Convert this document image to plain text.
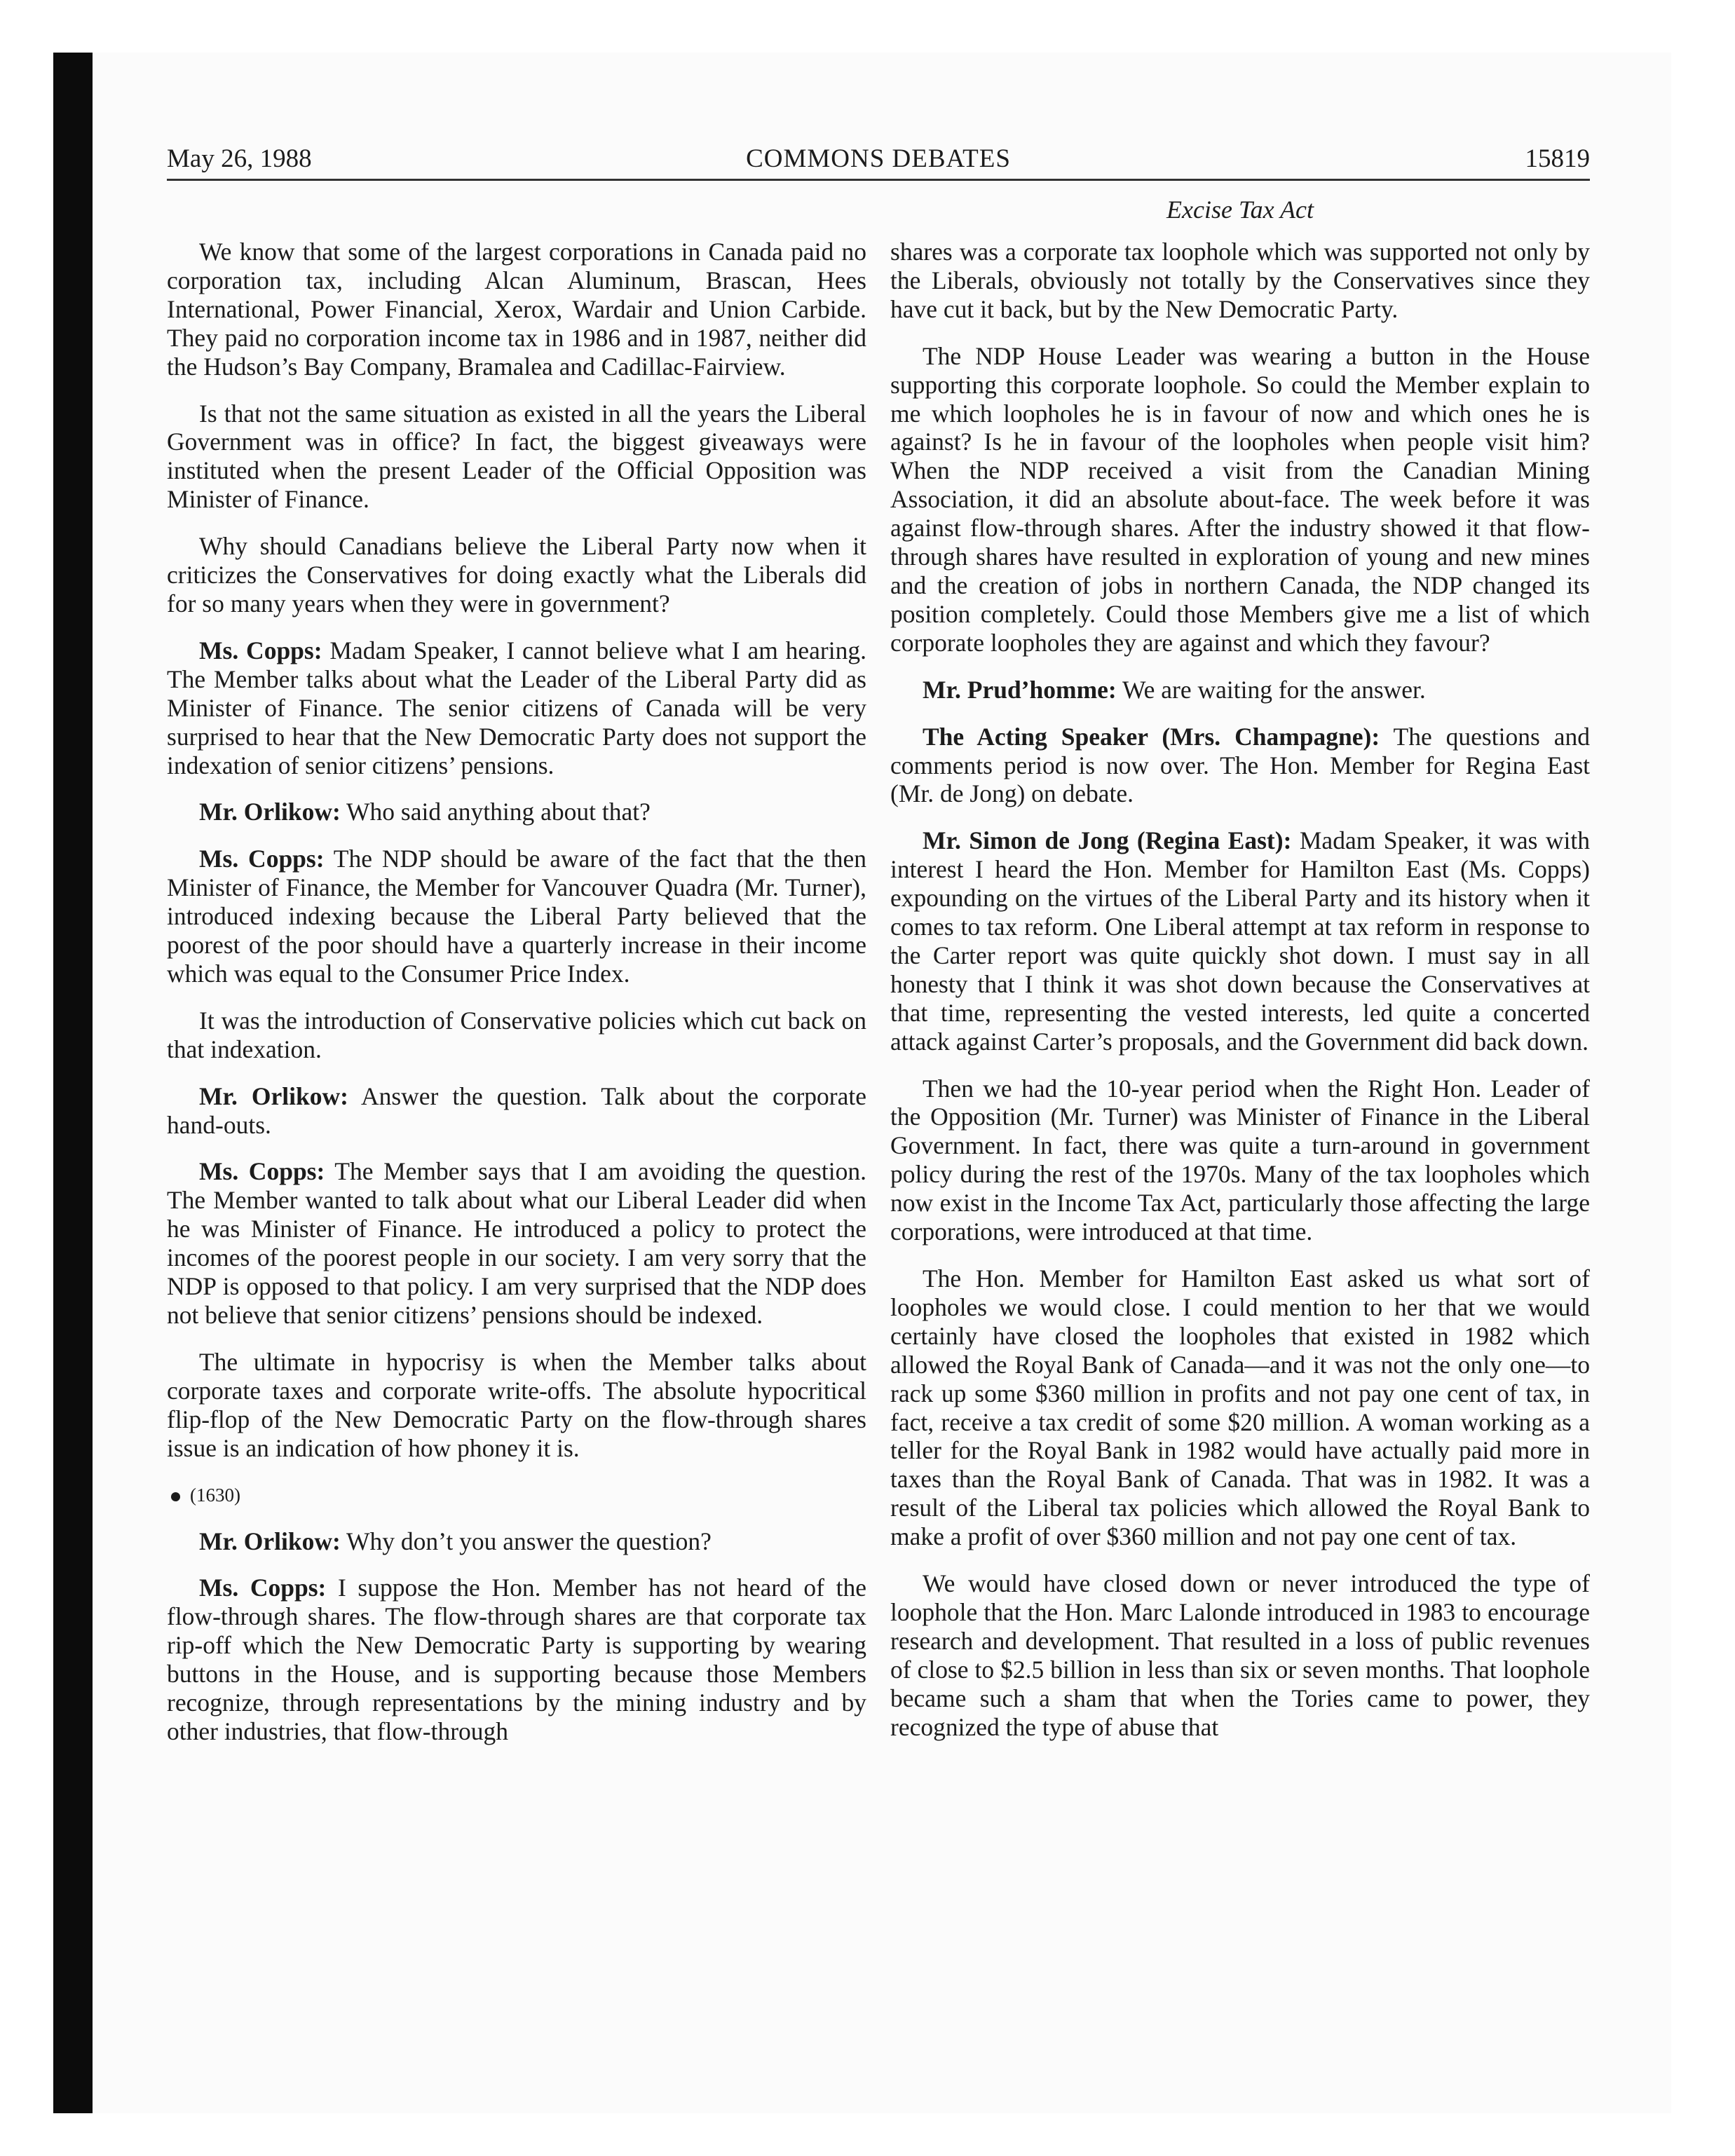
May 26, 1988	COMMONS DEBATES	15819
Excise Tax Act

We know that some of the largest corporations in Canada paid no corporation tax, including Alcan Aluminum, Brascan, Hees International, Power Financial, Xerox, Wardair and Union Carbide. They paid no corporation income tax in 1986 and in 1987, neither did the Hudson’s Bay Company, Bramalea and Cadillac-Fairview.

Is that not the same situation as existed in all the years the Liberal Government was in office? In fact, the biggest giveaways were instituted when the present Leader of the Official Opposition was Minister of Finance.

Why should Canadians believe the Liberal Party now when it criticizes the Conservatives for doing exactly what the Liberals did for so many years when they were in government?

Ms. Copps: Madam Speaker, I cannot believe what I am hearing. The Member talks about what the Leader of the Liberal Party did as Minister of Finance. The senior citizens of Canada will be very surprised to hear that the New Democratic Party does not support the indexation of senior citizens’ pensions.

Mr. Orlikow: Who said anything about that?

Ms. Copps: The NDP should be aware of the fact that the then Minister of Finance, the Member for Vancouver Quadra (Mr. Turner), introduced indexing because the Liberal Party believed that the poorest of the poor should have a quarterly increase in their income which was equal to the Consumer Price Index.

It was the introduction of Conservative policies which cut back on that indexation.

Mr. Orlikow: Answer the question. Talk about the corporate hand-outs.

Ms. Copps: The Member says that I am avoiding the question. The Member wanted to talk about what our Liberal Leader did when he was Minister of Finance. He introduced a policy to protect the incomes of the poorest people in our society. I am very sorry that the NDP is opposed to that policy. I am very surprised that the NDP does not believe that senior citizens’ pensions should be indexed.

The ultimate in hypocrisy is when the Member talks about corporate taxes and corporate write-offs. The absolute hypocritical flip-flop of the New Democratic Party on the flow-through shares issue is an indication of how phoney it is.

(1630)

Mr. Orlikow: Why don’t you answer the question?

Ms. Copps: I suppose the Hon. Member has not heard of the flow-through shares. The flow-through shares are that corporate tax rip-off which the New Democratic Party is supporting by wearing buttons in the House, and is supporting because those Members recognize, through representations by the mining industry and by other industries, that flow-through

shares was a corporate tax loophole which was supported not only by the Liberals, obviously not totally by the Conservatives since they have cut it back, but by the New Democratic Party.

The NDP House Leader was wearing a button in the House supporting this corporate loophole. So could the Member explain to me which loopholes he is in favour of now and which ones he is against? Is he in favour of the loopholes when people visit him? When the NDP received a visit from the Canadian Mining Association, it did an absolute about-face. The week before it was against flow-through shares. After the industry showed it that flow-through shares have resulted in exploration of young and new mines and the creation of jobs in northern Canada, the NDP changed its position completely. Could those Members give me a list of which corporate loopholes they are against and which they favour?

Mr. Prud’homme: We are waiting for the answer.

The Acting Speaker (Mrs. Champagne): The questions and comments period is now over. The Hon. Member for Regina East (Mr. de Jong) on debate.

Mr. Simon de Jong (Regina East): Madam Speaker, it was with interest I heard the Hon. Member for Hamilton East (Ms. Copps) expounding on the virtues of the Liberal Party and its history when it comes to tax reform. One Liberal attempt at tax reform in response to the Carter report was quite quickly shot down. I must say in all honesty that I think it was shot down because the Conservatives at that time, representing the vested interests, led quite a concerted attack against Carter’s proposals, and the Government did back down.

Then we had the 10-year period when the Right Hon. Leader of the Opposition (Mr. Turner) was Minister of Finance in the Liberal Government. In fact, there was quite a turn-around in government policy during the rest of the 1970s. Many of the tax loopholes which now exist in the Income Tax Act, particularly those affecting the large corporations, were introduced at that time.

The Hon. Member for Hamilton East asked us what sort of loopholes we would close. I could mention to her that we would certainly have closed the loopholes that existed in 1982 which allowed the Royal Bank of Canada—and it was not the only one—to rack up some $360 million in profits and not pay one cent of tax, in fact, receive a tax credit of some $20 million. A woman working as a teller for the Royal Bank in 1982 would have actually paid more in taxes than the Royal Bank of Canada. That was in 1982. It was a result of the Liberal tax policies which allowed the Royal Bank to make a profit of over $360 million and not pay one cent of tax.

We would have closed down or never introduced the type of loophole that the Hon. Marc Lalonde introduced in 1983 to encourage research and development. That resulted in a loss of public revenues of close to $2.5 billion in less than six or seven months. That loophole became such a sham that when the Tories came to power, they recognized the type of abuse that
